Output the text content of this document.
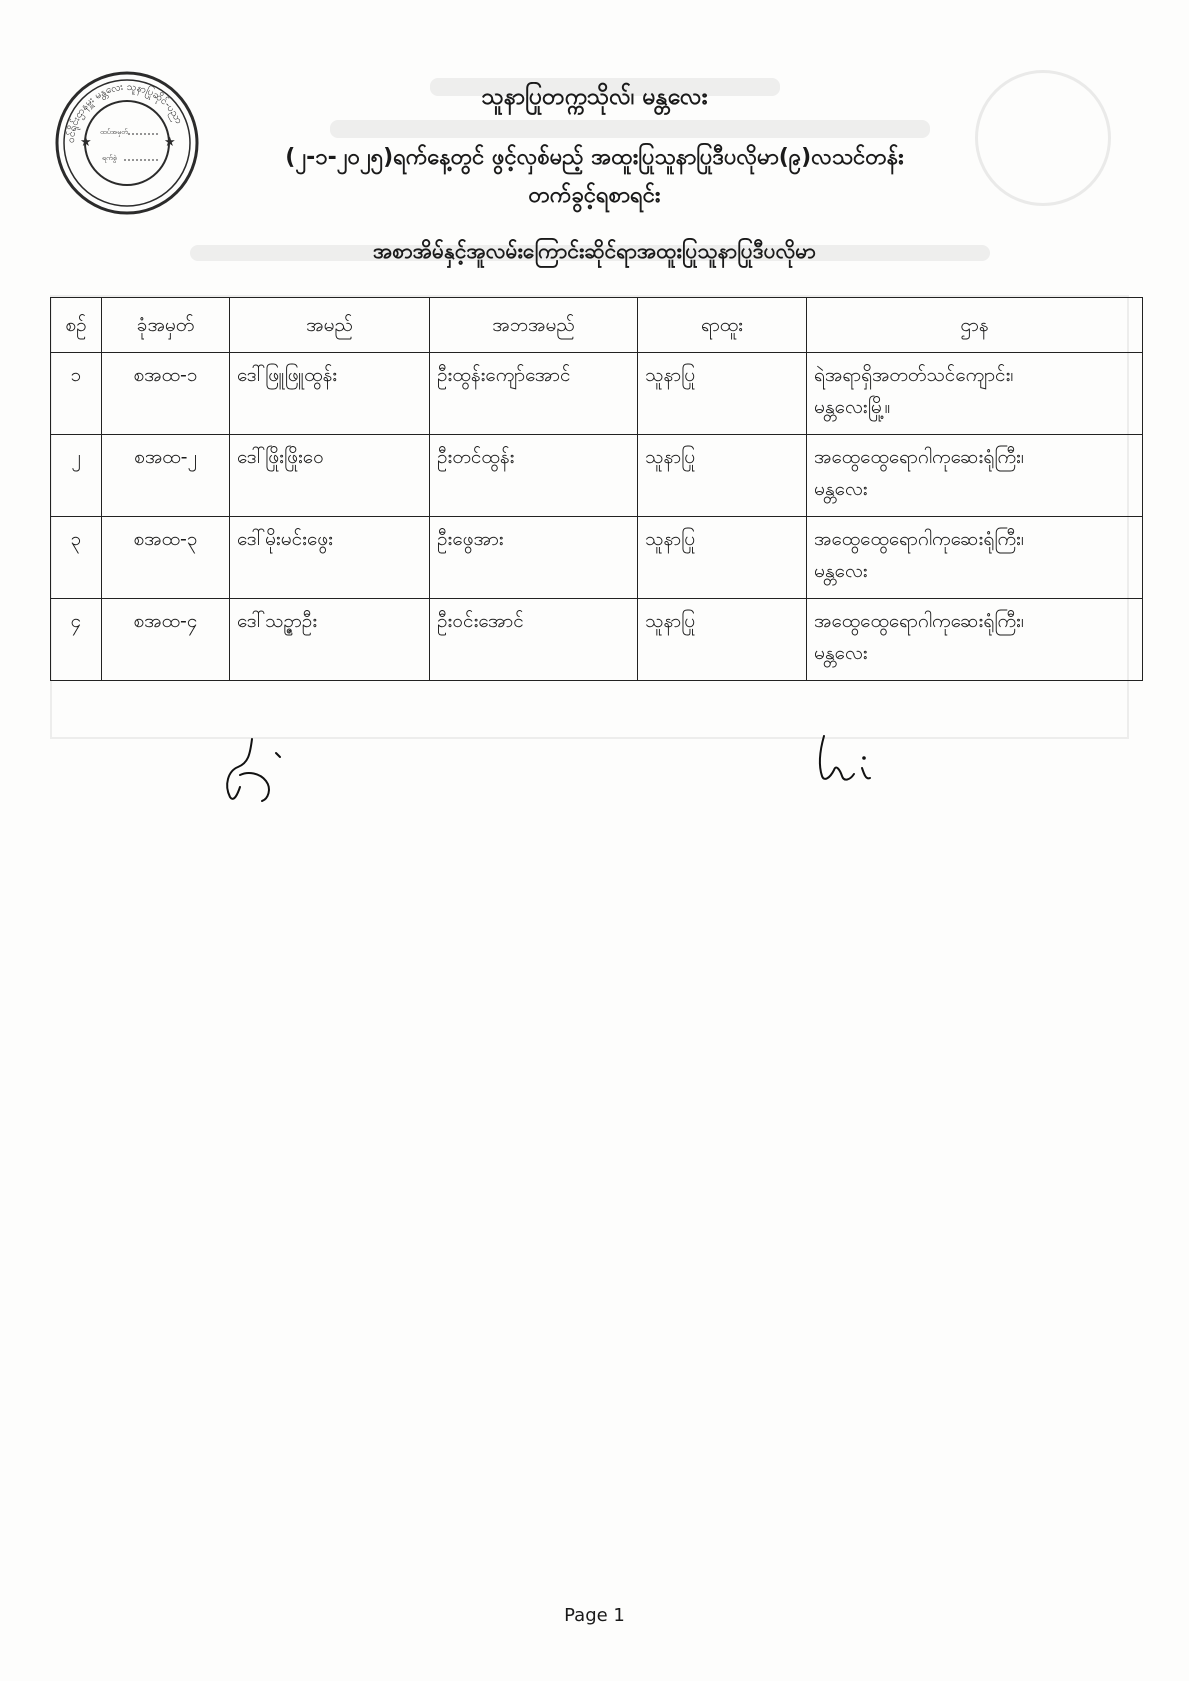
ဝင်ရိုင်းဌာနမှူး မန္တလေး သူနာပြုဆိုင်-ပညာ
★	★
ထပ်အမှတ်
ရက်စွဲ
သူနာပြုတက္ကသိုလ်၊ မန္တလေး
(၂-၁-၂၀၂၅)ရက်နေ့တွင် ဖွင့်လှစ်မည့် အထူးပြုသူနာပြုဒီပလိုမာ(၉)လသင်တန်း
တက်ခွင့်ရစာရင်း
အစာအိမ်နှင့်အူလမ်းကြောင်းဆိုင်ရာအထူးပြုသူနာပြုဒီပလိုမာ
စဉ်	ခုံအမှတ်	အမည်	အဘအမည်	ရာထူး	ဌာန
၁	စအထ-၁	ဒေါ်ဖြူဖြူထွန်း	ဦးထွန်းကျော်အောင်	သူနာပြု	ရဲအရာရှိအတတ်သင်ကျောင်း၊
မန္တလေးမြို့။

၂	စအထ-၂	ဒေါ်ဖြိုးဖြိုးဝေ	ဦးတင်ထွန်း	သူနာပြု	အထွေထွေရောဂါကုဆေးရုံကြီး၊
မန္တလေး

၃	စအထ-၃	ဒေါ်မိုးမင်းဖွေး	ဦးဖွေအား	သူနာပြု	အထွေထွေရောဂါကုဆေးရုံကြီး၊
မန္တလေး

၄	စအထ-၄	ဒေါ်သဉ္ဇာဦး	ဦးဝင်းအောင်	သူနာပြု	အထွေထွေရောဂါကုဆေးရုံကြီး၊
မန္တလေး
Page 1
